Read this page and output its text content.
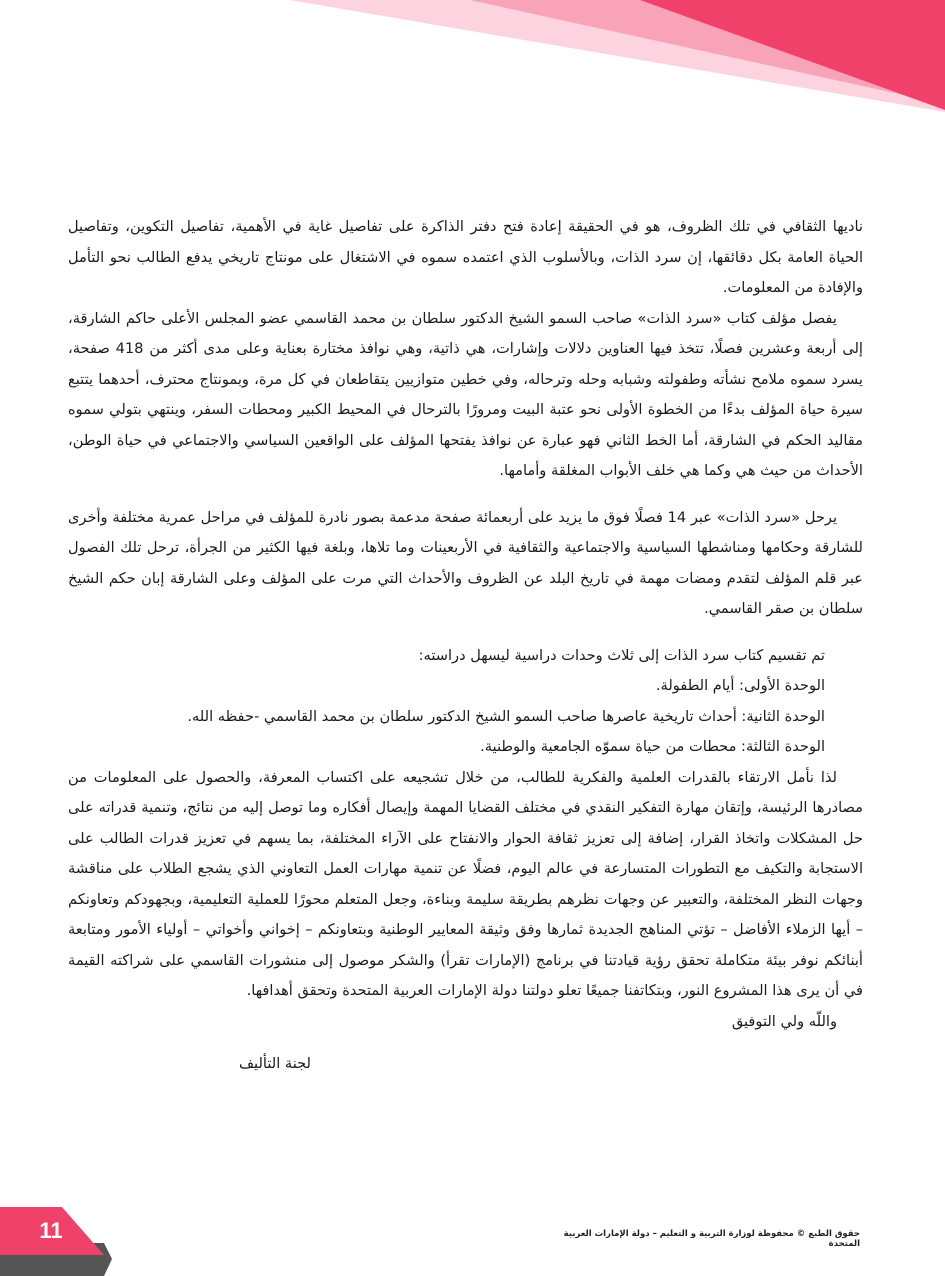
ناديها الثقافي في تلك الظروف، هو في الحقيقة إعادة فتح دفتر الذاكرة على تفاصيل غاية في الأهمية، تفاصيل التكوين، وتفاصيل الحياة العامة بكل دقائقها، إن سرد الذات، وبالأسلوب الذي اعتمده سموه في الاشتغال على مونتاج تاريخي يدفع الطالب نحو التأمل والإفادة من المعلومات.

يفصل مؤلف كتاب «سرد الذات» صاحب السمو الشيخ الدكتور سلطان بن محمد القاسمي عضو المجلس الأعلى حاكم الشارقة، إلى أربعة وعشرين فصلًا، تتخذ فيها العناوين دلالات وإشارات، هي ذاتية، وهي نوافذ مختارة بعناية وعلى مدى أكثر من 418 صفحة، يسرد سموه ملامح نشأته وطفولته وشبابه وحله وترحاله، وفي خطين متوازيين يتقاطعان في كل مرة، وبمونتاج محترف، أحدهما يتتبع سيرة حياة المؤلف بدءًا من الخطوة الأولى نحو عتبة البيت ومرورًا بالترحال في المحيط الكبير ومحطات السفر، وينتهي بتولي سموه مقاليد الحكم في الشارقة، أما الخط الثاني فهو عبارة عن نوافذ يفتحها المؤلف على الواقعين السياسي والاجتماعي في حياة الوطن، الأحداث من حيث هي وكما هي خلف الأبواب المغلقة وأمامها.

يرحل «سرد الذات» عبر 14 فصلًا فوق ما يزيد على أربعمائة صفحة مدعمة بصور نادرة للمؤلف في مراحل عمرية مختلفة وأخرى للشارقة وحكامها ومناشطها السياسية والاجتماعية والثقافية في الأربعينات وما تلاها، وبلغة فيها الكثير من الجرأة، ترحل تلك الفصول عبر قلم المؤلف لتقدم ومضات مهمة في تاريخ البلد عن الظروف والأحداث التي مرت على المؤلف وعلى الشارقة إبان حكم الشيخ سلطان بن صقر القاسمي.

تم تقسيم كتاب سرد الذات إلى ثلاث وحدات دراسية ليسهل دراسته:

الوحدة الأولى: أيام الطفولة.

الوحدة الثانية: أحداث تاريخية عاصرها صاحب السمو الشيخ الدكتور سلطان بن محمد القاسمي -حفظه الله.

الوحدة الثالثة: محطات من حياة سموّه الجامعية والوطنية.

لذا نأمل الارتقاء بالقدرات العلمية والفكرية للطالب، من خلال تشجيعه على اكتساب المعرفة، والحصول على المعلومات من مصادرها الرئيسة، وإتقان مهارة التفكير النقدي في مختلف القضايا المهمة وإيصال أفكاره وما توصل إليه من نتائج، وتنمية قدراته على حل المشكلات واتخاذ القرار، إضافة إلى تعزيز ثقافة الحوار والانفتاح على الآراء المختلفة، بما يسهم في تعزيز قدرات الطالب على الاستجابة والتكيف مع التطورات المتسارعة في عالم اليوم، فضلًا عن تنمية مهارات العمل التعاوني الذي يشجع الطلاب على مناقشة وجهات النظر المختلفة، والتعبير عن وجهات نظرهم بطريقة سليمة وبناءة، وجعل المتعلم محورًا للعملية التعليمية، وبجهودكم وتعاونكم – أيها الزملاء الأفاضل – تؤتي المناهج الجديدة ثمارها وفق وثيقة المعايير الوطنية وبتعاونكم – إخواني وأخواتي – أولياء الأمور ومتابعة أبنائكم نوفر بيئة متكاملة تحقق رؤية قيادتنا في برنامج (الإمارات تقرأ) والشكر موصول إلى منشورات القاسمي على شراكته القيمة في أن يرى هذا المشروع النور، وبتكاتفنا جميعًا تعلو دولتنا دولة الإمارات العربية المتحدة وتحقق أهدافها.

واللّه ولي التوفيق

لجنة التأليف

11	حقوق الطبع © محفوظة لوزارة التربية و التعليم – دولة الإمارات العربية المتحدة
